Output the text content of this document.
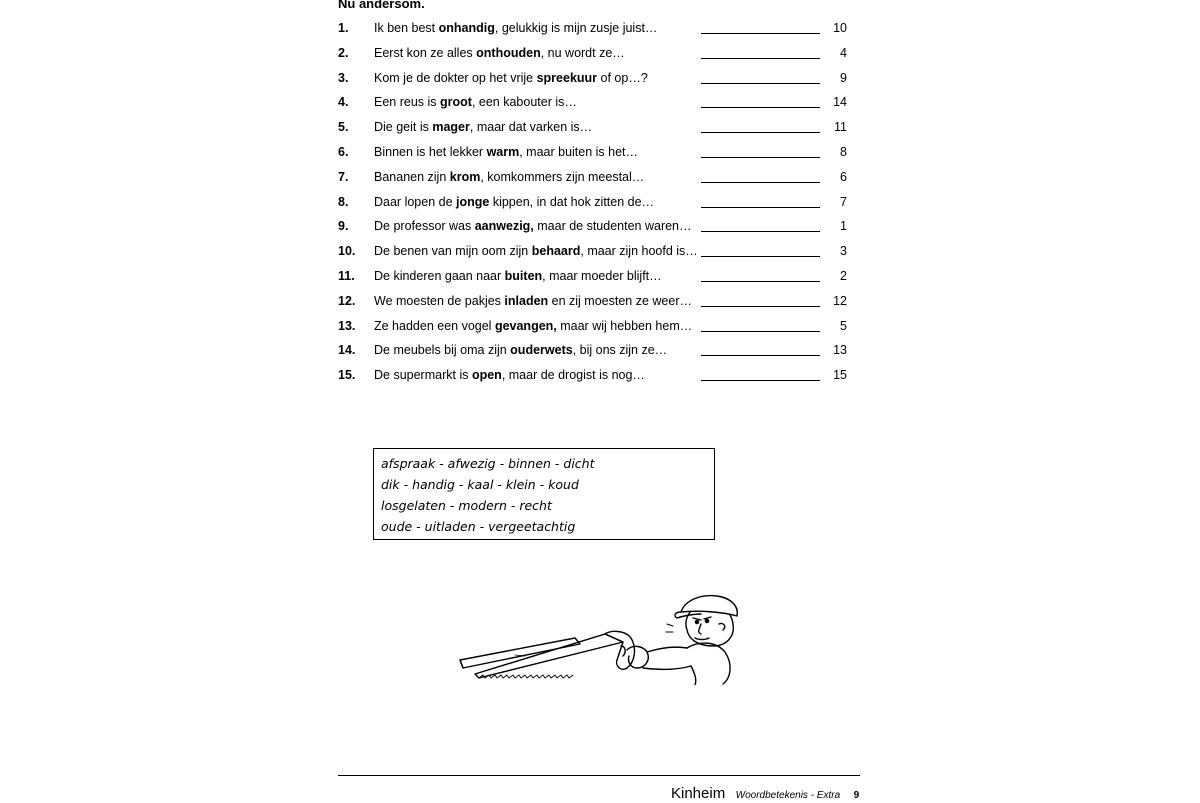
Nu andersom.
1. Ik ben best onhandig, gelukkig is mijn zusje juist…	10
2. Eerst kon ze alles onthouden, nu wordt ze…	4
3. Kom je de dokter op het vrije spreekuur of op…?	9
4. Een reus is groot, een kabouter is…	14
5. Die geit is mager, maar dat varken is…	11
6. Binnen is het lekker warm, maar buiten is het…	8
7. Bananen zijn krom, komkommers zijn meestal…	6
8. Daar lopen de jonge kippen, in dat hok zitten de…	7
9. De professor was aanwezig, maar de studenten waren…	1
10. De benen van mijn oom zijn behaard, maar zijn hoofd is…	3
11. De kinderen gaan naar buiten, maar moeder blijft…	2
12. We moesten de pakjes inladen en zij moesten ze weer…	12
13. Ze hadden een vogel gevangen, maar wij hebben hem…	5
14. De meubels bij oma zijn ouderwets, bij ons zijn ze…	13
15. De supermarkt is open, maar de drogist is nog…	15
afspraak - afwezig - binnen - dicht
dik - handig - kaal - klein - koud
losgelaten - modern - recht
oude - uitladen - vergeetachtig
Kinheim Woordbetekenis - Extra 9
